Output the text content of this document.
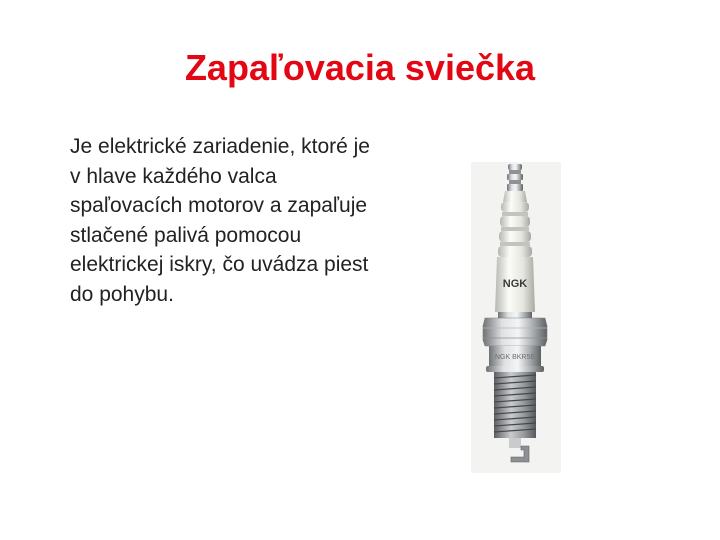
Zapaľovacia sviečka
Je elektrické zariadenie, ktoré je v hlave každého valca spaľovacích motorov a zapaľuje stlačené palivá pomocou elektrickej iskry, čo uvádza piest do pohybu.	NGK
NGK BKR5E
